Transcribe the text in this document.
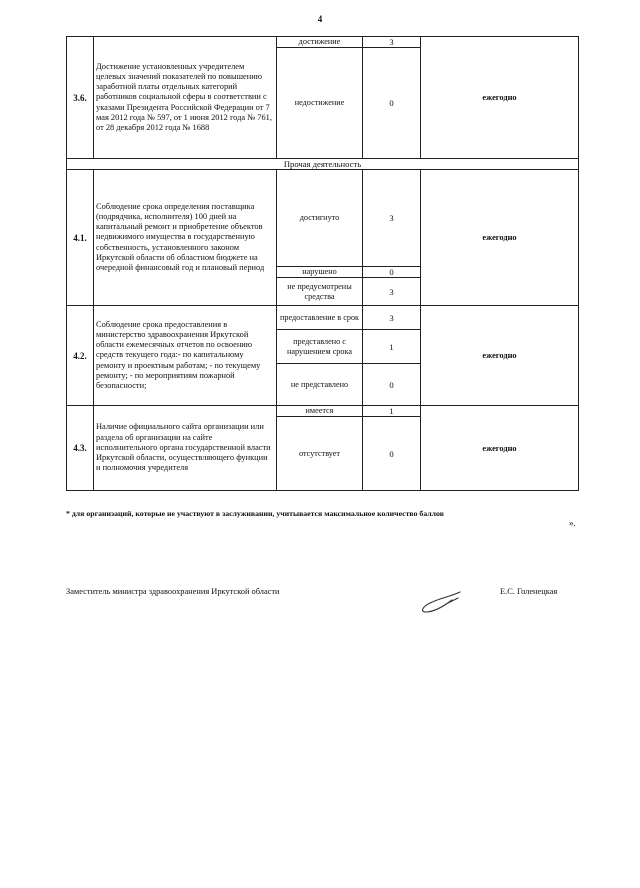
4
3.6.	Достижение установленных учредителем целевых значений показателей по повышению заработной платы отдельных категорий работников социальной сферы в соответствии с указами Президента Российской Федерации от 7 мая 2012 года № 597, от 1 июня 2012 года № 761, от 28 декабря 2012 года № 1688	достижение	3	ежегодно
		недостижение	0	
Прочая деятельность				
4.1.	Соблюдение срока определения поставщика (подрядчика, исполнителя) 100 дней на капитальный ремонт и приобретение объектов недвижимого имущества в государственную собственность, установленного законом Иркутской области об областном бюджете на очередной финансовый год и плановый период	достигнуто	3	ежегодно
		нарушено	0	
		не предусмотрены средства	3	
4.2.	Соблюдение срока предоставления в министерство здравоохранения Иркутской области ежемесячных отчетов по освоению средств текущего года:- по капитальному ремонту и проектным работам; - по текущему ремонту; - по мероприятиям пожарной безопасности;	предоставление в срок	3	ежегодно
		представлено с нарушением срока	1	
		не представлено	0	
4.3.	Наличие официального сайта организации или раздела об организации на сайте исполнительного органа государственной власти Иркутской области, осуществляющего функции и полномочия учредителя	имеется	1	ежегодно
		отсутствует	0	
* для организаций, которые не участвуют в заслуживании, учитывается максимальное количество баллов
».
Заместитель министра здравоохранения Иркутской области	Е.С. Голенецкая
